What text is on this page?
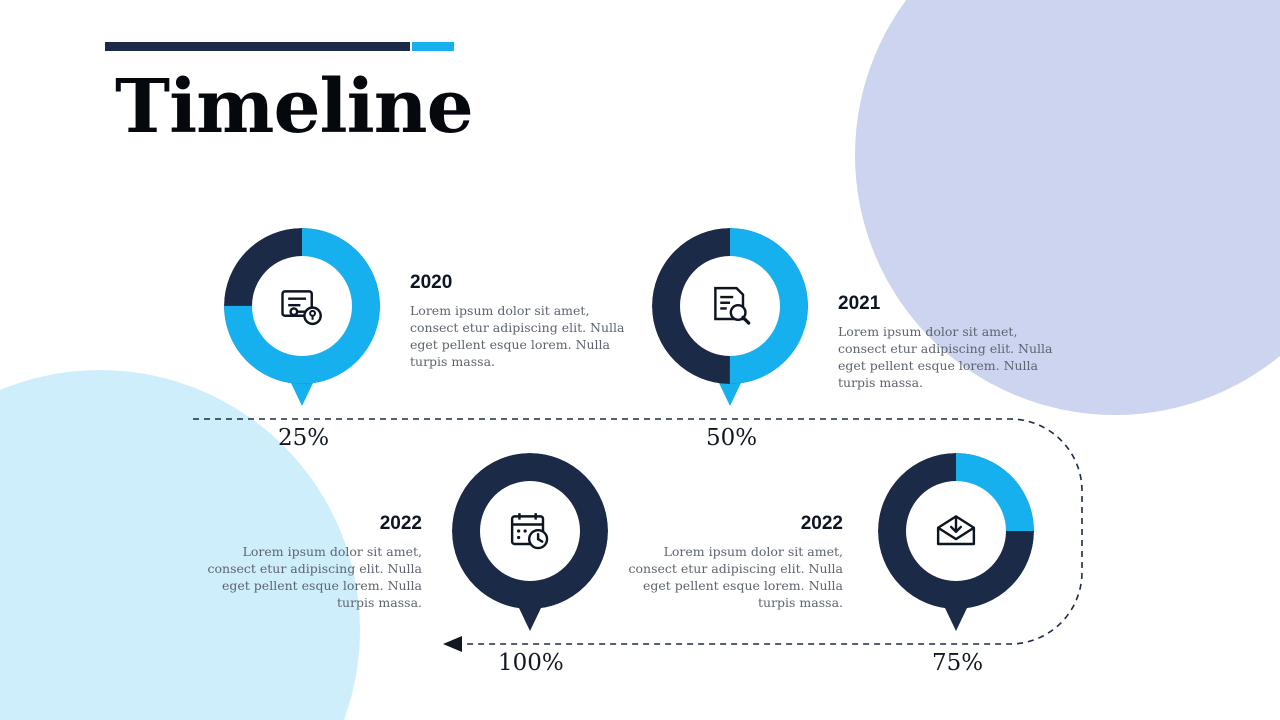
Timeline
25%

2020

Lorem ipsum dolor sit amet, consect etur adipiscing elit. Nulla eget pellent esque lorem. Nulla turpis massa.

50%

2021

Lorem ipsum dolor sit amet, consect etur adipiscing elit. Nulla eget pellent esque lorem. Nulla turpis massa.

100%

2022

Lorem ipsum dolor sit amet, consect etur adipiscing elit. Nulla eget pellent esque lorem. Nulla turpis massa.

75%

2022

Lorem ipsum dolor sit amet, consect etur adipiscing elit. Nulla eget pellent esque lorem. Nulla turpis massa.
